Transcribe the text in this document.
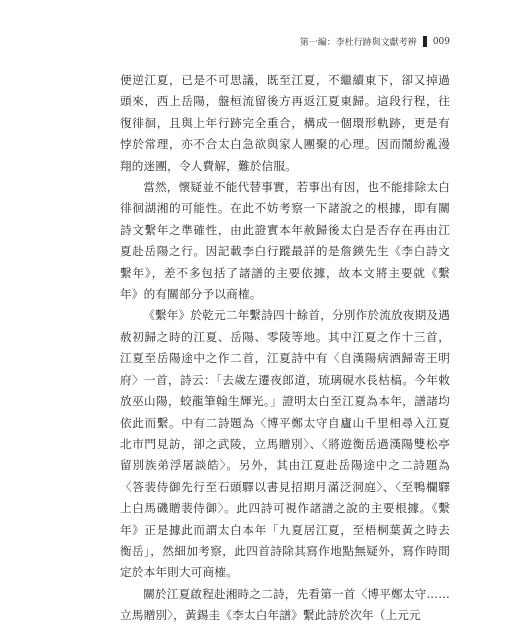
第一編：李杜行跡與文獻考辨 009

便逆江夏，已是不可思議，既至江夏，不繼續東下，卻又掉過頭來，西上岳陽，盤桓流留後方再返江夏東歸。這段行程，往復徘徊，且與上年行跡完全重合，構成一個環形軌跡，更是有悖於常理，亦不合太白急欲與家人團聚的心理。因而鬧紛亂漫翔的迷團，令人費解，難於信服。

當然，懷疑並不能代替事實，若事出有因，也不能排除太白徘徊湖湘的可能性。在此不妨考察一下諸說之的根據，即有關詩文繫年之準確性，由此證實本年赦歸後太白是否存在再由江夏赴岳陽之行。因記載李白行蹤最詳的是詹鍈先生《李白詩文繫年》，差不多包括了諸譜的主要依據，故本文將主要就《繫年》的有關部分予以商榷。

《繫年》於乾元二年繫詩四十餘首，分別作於流放夜期及遇赦初歸之時的江夏、岳陽、零陵等地。其中江夏之作十三首，江夏至岳陽途中之作二首，江夏詩中有〈自漢陽病酒歸寄王明府〉一首，詩云：「去歲左遷夜郎道，琉璃硯水長枯槁。今年敕放巫山陽，蛟龍筆翰生輝光。」證明太白至江夏為本年，譜諸均依此而繫。中有二詩題為〈博平鄭太守自廬山千里相尋入江夏北市門見訪，卻之武陵，立馬贈別〉、〈將遊衡岳過漢陽雙松亭留別族弟浮屠談皓〉。另外，其由江夏赴岳陽途中之二詩題為〈答裴侍御先行至石頭驛以書見招期月滿泛洞庭〉、〈至鴨欄驛上白馬磯贈裴侍御〉。此四詩可視作諸譜之說的主要根據。《繫年》正是據此而謂太白本年「九夏居江夏，至梧桐葉黃之時去衡岳」，然細加考察，此四首詩除其寫作地點無疑外，寫作時間定於本年則大可商榷。

關於江夏啟程赴湘時之二詩，先看第一首〈博平鄭太守……立馬贈別〉，黃錫圭《李太白年譜》繫此詩於次年（上元元
